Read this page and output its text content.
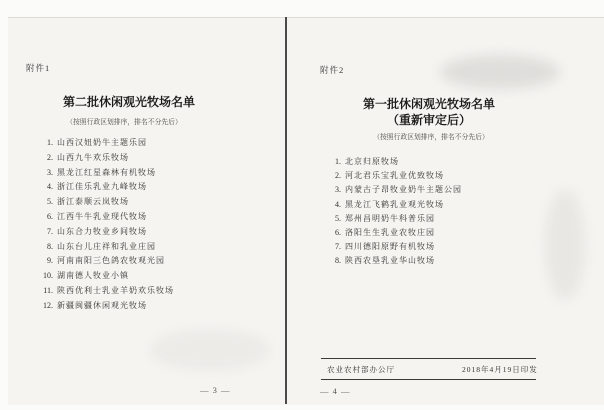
附件1
第二批休闲观光牧场名单
（按照行政区划排序，排名不分先后）
1. 山西汉妞奶牛主题乐园
2. 山西九牛欢乐牧场
3. 黑龙江红星森林有机牧场
4. 浙江佳乐乳业九峰牧场
5. 浙江泰顺云岚牧场
6. 江西牛牛乳业现代牧场
7. 山东合力牧业乡间牧场
8. 山东台儿庄祥和乳业庄园
9. 河南南阳三色鸽农牧观光园
10. 湖南德人牧业小镇
11. 陕西优利士乳业羊奶欢乐牧场
12. 新疆闽疆休闲观光牧场
— 3 —
附件2
第一批休闲观光牧场名单
（重新审定后）
（按照行政区划排序，排名不分先后）
1. 北京归原牧场
2. 河北君乐宝乳业优致牧场
3. 内蒙古子昂牧业奶牛主题公园
4. 黑龙江飞鹤乳业观光牧场
5. 郑州昌明奶牛科普乐园
6. 洛阳生生乳业农牧庄园
7. 四川德阳原野有机牧场
8. 陕西农垦乳业华山牧场
农业农村部办公厅	2018年4月19日印发
— 4 —
